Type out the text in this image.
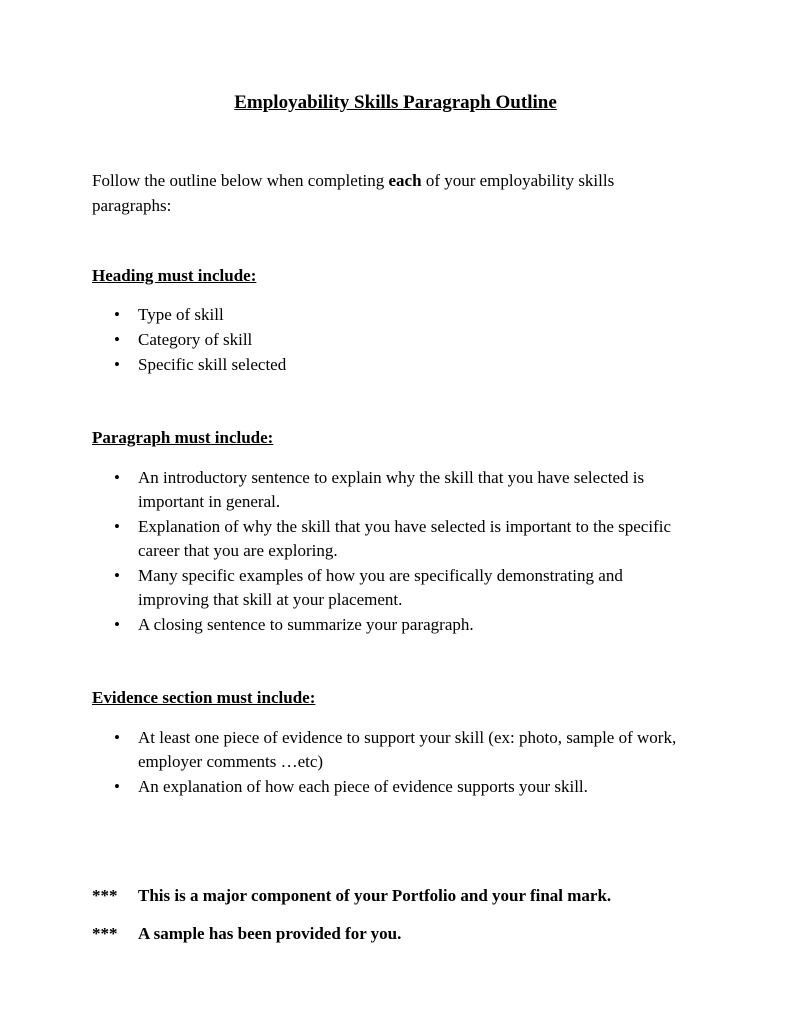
Employability Skills Paragraph Outline
Follow the outline below when completing each of your employability skills paragraphs:
Heading must include:
• Type of skill
• Category of skill
• Specific skill selected
Paragraph must include:
• An introductory sentence to explain why the skill that you have selected is important in general.
• Explanation of why the skill that you have selected is important to the specific career that you are exploring.
• Many specific examples of how you are specifically demonstrating and improving that skill at your placement.
• A closing sentence to summarize your paragraph.
Evidence section must include:
• At least one piece of evidence to support your skill (ex: photo, sample of work, employer comments …etc)
• An explanation of how each piece of evidence supports your skill.
*** This is a major component of your Portfolio and your final mark.
*** A sample has been provided for you.
